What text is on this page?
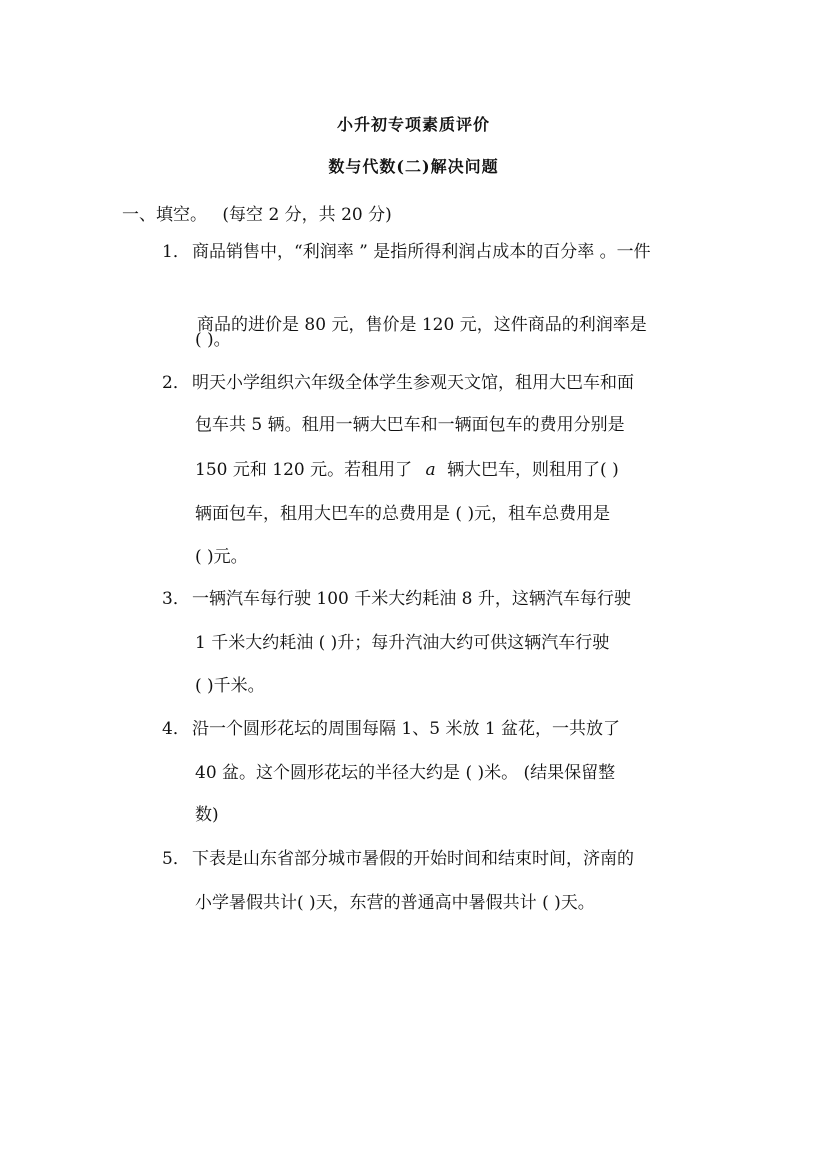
小升初专项素质评价
数与代数(二)解决问题
一、填空。 (每空 2 分，共 20 分)
1． 商品销售中，“利润率 ” 是指所得利润占成本的百分率 。一件
商品的进价是 80 元，售价是 120 元，这件商品的利润率是
( )。
2． 明天小学组织六年级全体学生参观天文馆，租用大巴车和面
包车共 5 辆。租用一辆大巴车和一辆面包车的费用分别是
150 元和 120 元。若租用了 a 辆大巴车，则租用了( )
辆面包车，租用大巴车的总费用是 ( )元，租车总费用是
( )元。
3． 一辆汽车每行驶 100 千米大约耗油 8 升，这辆汽车每行驶
1 千米大约耗油 ( )升；每升汽油大约可供这辆汽车行驶
( )千米。
4． 沿一个圆形花坛的周围每隔 1、5 米放 1 盆花，一共放了
40 盆。这个圆形花坛的半径大约是 ( )米。 (结果保留整
数)
5． 下表是山东省部分城市暑假的开始时间和结束时间，济南的
小学暑假共计( )天，东营的普通高中暑假共计 ( )天。
